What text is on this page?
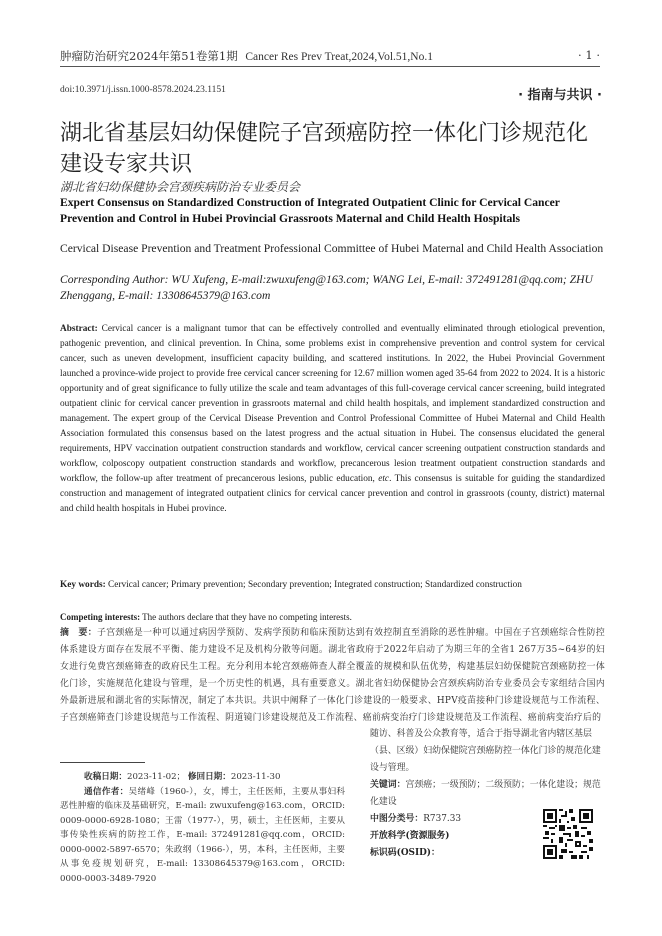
肿瘤防治研究2024年第51卷第1期 Cancer Res Prev Treat,2024,Vol.51,No.1	· 1 ·
doi:10.3971/j.issn.1000-8578.2024.23.1151	· 指南与共识 ·
湖北省基层妇幼保健院子宫颈癌防控一体化门诊规范化建设专家共识
湖北省妇幼保健协会宫颈疾病防治专业委员会
Expert Consensus on Standardized Construction of Integrated Outpatient Clinic for Cervical Cancer Prevention and Control in Hubei Provincial Grassroots Maternal and Child Health Hospitals
Cervical Disease Prevention and Treatment Professional Committee of Hubei Maternal and Child Health Association
Corresponding Author: WU Xufeng, E-mail:zwuxufeng@163.com; WANG Lei, E-mail: 372491281@qq.com; ZHU Zhenggang, E-mail: 13308645379@163.com
Abstract: Cervical cancer is a malignant tumor that can be effectively controlled and eventually eliminated through etiological prevention, pathogenic prevention, and clinical prevention. In China, some problems exist in comprehensive prevention and control system for cervical cancer, such as uneven development, insufficient capacity building, and scattered institutions. In 2022, the Hubei Provincial Government launched a province-wide project to provide free cervical cancer screening for 12.67 million women aged 35-64 from 2022 to 2024. It is a historic opportunity and of great significance to fully utilize the scale and team advantages of this full-coverage cervical cancer screening, build integrated outpatient clinic for cervical cancer prevention in grassroots maternal and child health hospitals, and implement standardized construction and management. The expert group of the Cervical Disease Prevention and Control Professional Committee of Hubei Maternal and Child Health Association formulated this consensus based on the latest progress and the actual situation in Hubei. The consensus elucidated the general requirements, HPV vaccination outpatient construction standards and workflow, cervical cancer screening outpatient construction standards and workflow, colposcopy outpatient construction standards and workflow, precancerous lesion treatment outpatient construction standards and workflow, the follow-up after treatment of precancerous lesions, public education, etc. This consensus is suitable for guiding the standardized construction and management of integrated outpatient clinics for cervical cancer prevention and control in grassroots (county, district) maternal and child health hospitals in Hubei province.
Key words: Cervical cancer; Primary prevention; Secondary prevention; Integrated construction; Standardized construction
Competing interests: The authors declare that they have no competing interests.
摘　要：子宫颈癌是一种可以通过病因学预防、发病学预防和临床预防达到有效控制直至消除的恶性肿瘤。中国在子宫颈癌综合性防控体系建设方面存在发展不平衡、能力建设不足及机构分散等问题。湖北省政府于2022年启动了为期三年的全省1 267万35~64岁的妇女进行免费宫颈癌筛查的政府民生工程。充分利用本轮宫颈癌筛查人群全覆盖的规模和队伍优势，构建基层妇幼保健院宫颈癌防控一体化门诊，实施规范化建设与管理，是一个历史性的机遇，具有重要意义。湖北省妇幼保健协会宫颈疾病防治专业委员会专家组结合国内外最新进展和湖北省的实际情况，制定了本共识。共识中阐释了一体化门诊建设的一般要求、HPV疫苗接种门诊建设规范与工作流程、子宫颈癌筛查门诊建设规范与工作流程、阴道镜门诊建设规范及工作流程、癌前病变治疗门诊建设规范及工作流程、癌前病变治疗后的
随访、科普及公众教育等，适合于指导湖北省内辖区基层（县、区级）妇幼保健院宫颈癌防控一体化门诊的规范化建设与管理。
关键词：宫颈癌；一级预防；二级预防；一体化建设；规范化建设
中图分类号：R737.33
开放科学(资源服务)
标识码(OSID)：
收稿日期：2023-11-02； 修回日期：2023-11-30
通信作者：吴绪峰（1960-），女，博士，主任医师，主要从事妇科恶性肿瘤的临床及基础研究，E-mail: zwuxufeng@163.com，ORCID: 0009-0000-6928-1080；王雷（1977-），男，硕士，主任医师，主要从事传染性疾病的防控工作，E-mail: 372491281@qq.com，ORCID: 0000-0002-5897-6570；朱政纲（1966-），男，本科，主任医师，主要从事免疫规划研究，E-mail: 13308645379@163.com，ORCID: 0000-0003-3489-7920
